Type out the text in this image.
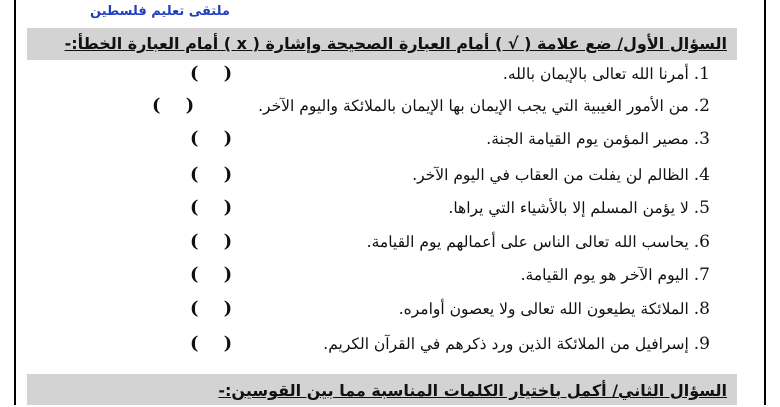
ملتقى تعليم فلسطين
السؤال الأول/ ضع علامة ( √ ) أمام العبارة الصحيحة وإشارة ( x ) أمام العبارة الخطأ:-
1. أمرنا الله تعالى بالإيمان بالله.
(    )
2. من الأمور الغيبية التي يجب الإيمان بها الإيمان بالملائكة واليوم الآخر.
(    )
3. مصير المؤمن يوم القيامة الجنة.
(    )
4. الظالم لن يفلت من العقاب في اليوم الآخر.
(    )
5. لا يؤمن المسلم إلا بالأشياء التي يراها.
(    )
6. يحاسب الله تعالى الناس على أعمالهم يوم القيامة.
(    )
7. اليوم الآخر هو يوم القيامة.
(    )
8. الملائكة يطيعون الله تعالى ولا يعصون أوامره.
(    )
9. إسرافيل من الملائكة الذين ورد ذكرهم في القرآن الكريم.
(    )
السؤال الثاني/ أكمل باختيار الكلمات المناسبة مما بين القوسين:-
